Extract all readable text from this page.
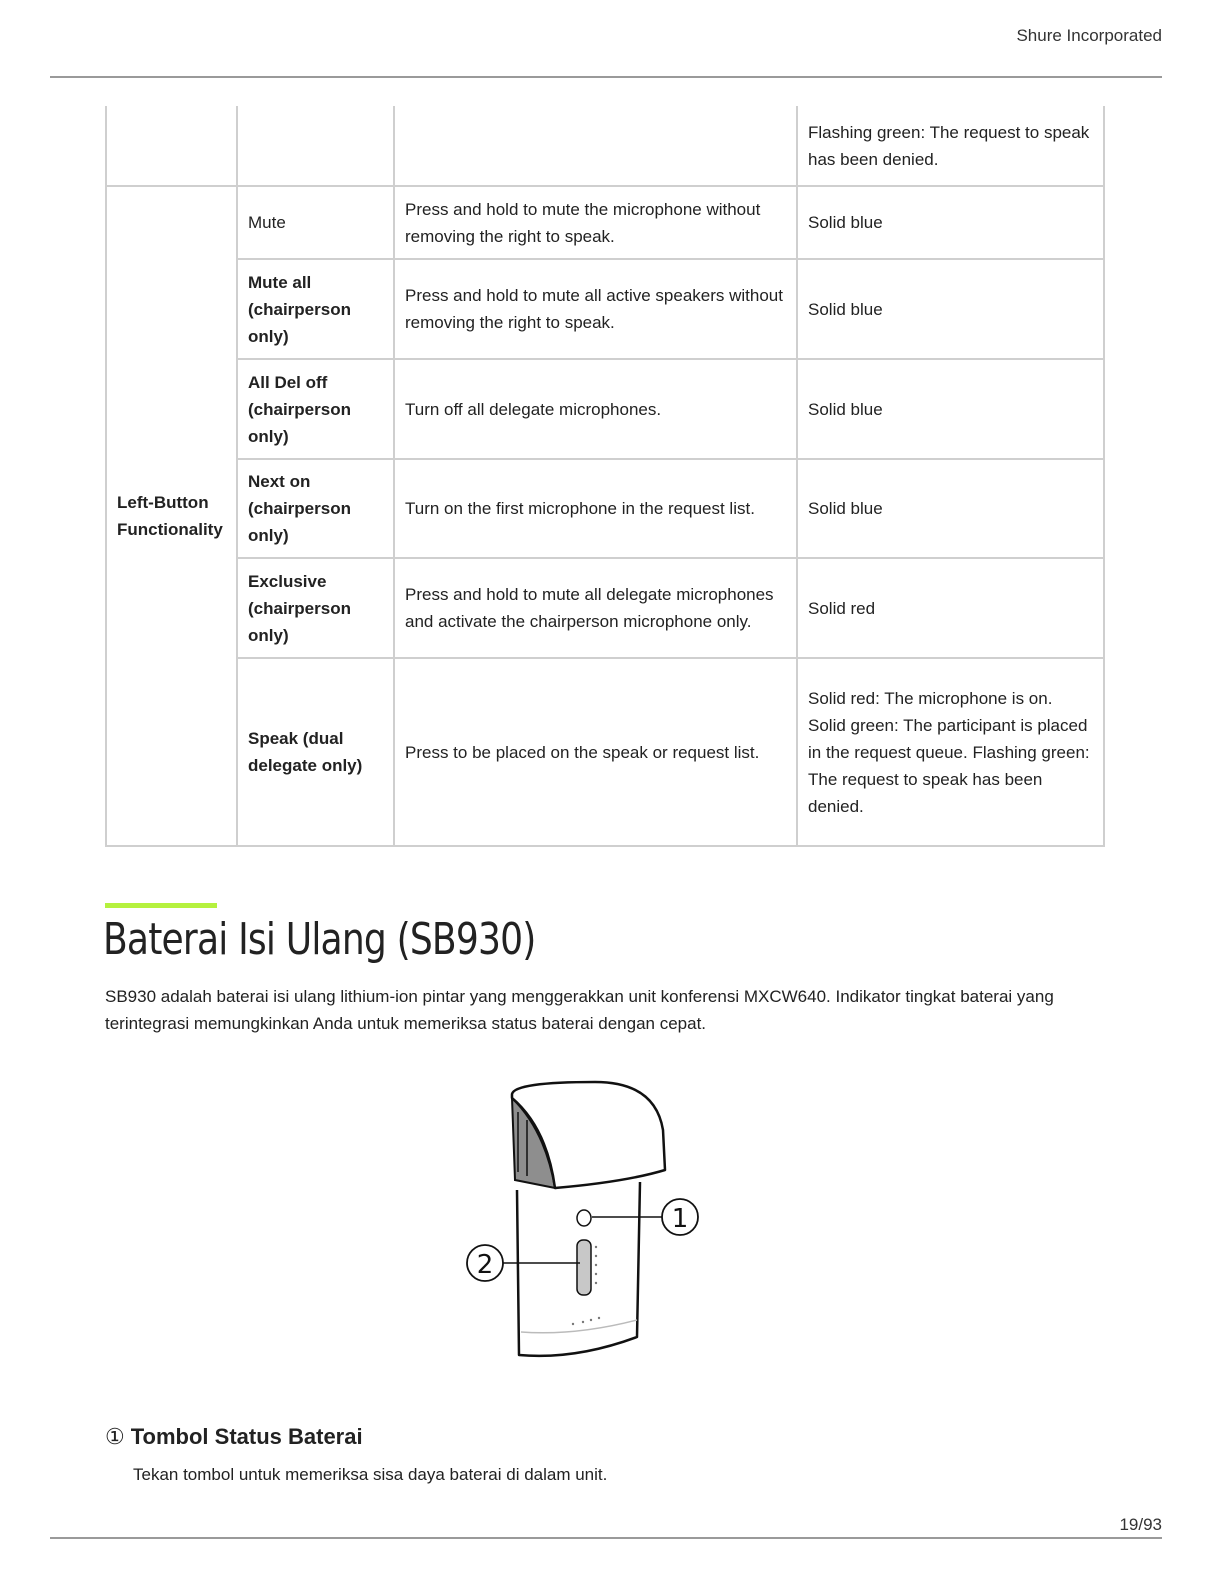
Shure Incorporated
			Flashing green: The request to speak has been denied.
Left-Button Functionality	Mute	Press and hold to mute the microphone without removing the right to speak.	Solid blue
	Mute all (chairperson only)	Press and hold to mute all active speakers without removing the right to speak.	Solid blue
	All Del off (chairperson only)	Turn off all delegate microphones.	Solid blue
	Next on (chairperson only)	Turn on the first microphone in the request list.	Solid blue
	Exclusive (chairperson only)	Press and hold to mute all delegate microphones and activate the chairperson microphone only.	Solid red
	Speak (dual delegate only)	Press to be placed on the speak or request list.	Solid red: The microphone is on. Solid green: The participant is placed in the request queue. Flashing green: The request to speak has been denied.
Baterai Isi Ulang (SB930)

SB930 adalah baterai isi ulang lithium-ion pintar yang menggerakkan unit konferensi MXCW640. Indikator tingkat baterai yang terintegrasi memungkinkan Anda untuk memeriksa status baterai dengan cepat.

1
2
① Tombol Status Baterai

Tekan tombol untuk memeriksa sisa daya baterai di dalam unit.

19/93
